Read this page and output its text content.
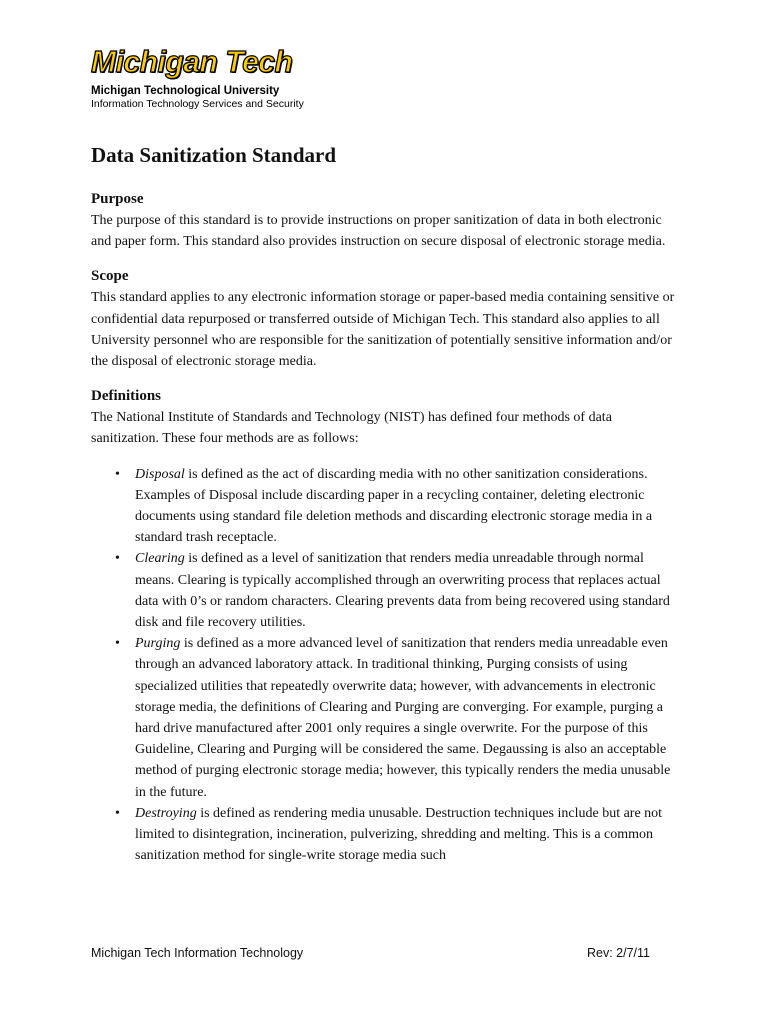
Michigan Tech
Michigan Technological University
Information Technology Services and Security
Data Sanitization Standard
Purpose

The purpose of this standard is to provide instructions on proper sanitization of data in both electronic and paper form. This standard also provides instruction on secure disposal of electronic storage media.

Scope

This standard applies to any electronic information storage or paper-based media containing sensitive or confidential data repurposed or transferred outside of Michigan Tech. This standard also applies to all University personnel who are responsible for the sanitization of potentially sensitive information and/or the disposal of electronic storage media.

Definitions

The National Institute of Standards and Technology (NIST) has defined four methods of data sanitization. These four methods are as follows:

• Disposal is defined as the act of discarding media with no other sanitization considerations. Examples of Disposal include discarding paper in a recycling container, deleting electronic documents using standard file deletion methods and discarding electronic storage media in a standard trash receptacle.
• Clearing is defined as a level of sanitization that renders media unreadable through normal means. Clearing is typically accomplished through an overwriting process that replaces actual data with 0’s or random characters. Clearing prevents data from being recovered using standard disk and file recovery utilities.
• Purging is defined as a more advanced level of sanitization that renders media unreadable even through an advanced laboratory attack. In traditional thinking, Purging consists of using specialized utilities that repeatedly overwrite data; however, with advancements in electronic storage media, the definitions of Clearing and Purging are converging. For example, purging a hard drive manufactured after 2001 only requires a single overwrite. For the purpose of this Guideline, Clearing and Purging will be considered the same. Degaussing is also an acceptable method of purging electronic storage media; however, this typically renders the media unusable in the future.
• Destroying is defined as rendering media unusable. Destruction techniques include but are not limited to disintegration, incineration, pulverizing, shredding and melting. This is a common sanitization method for single-write storage media such
Michigan Tech Information Technology	Rev: 2/7/11
